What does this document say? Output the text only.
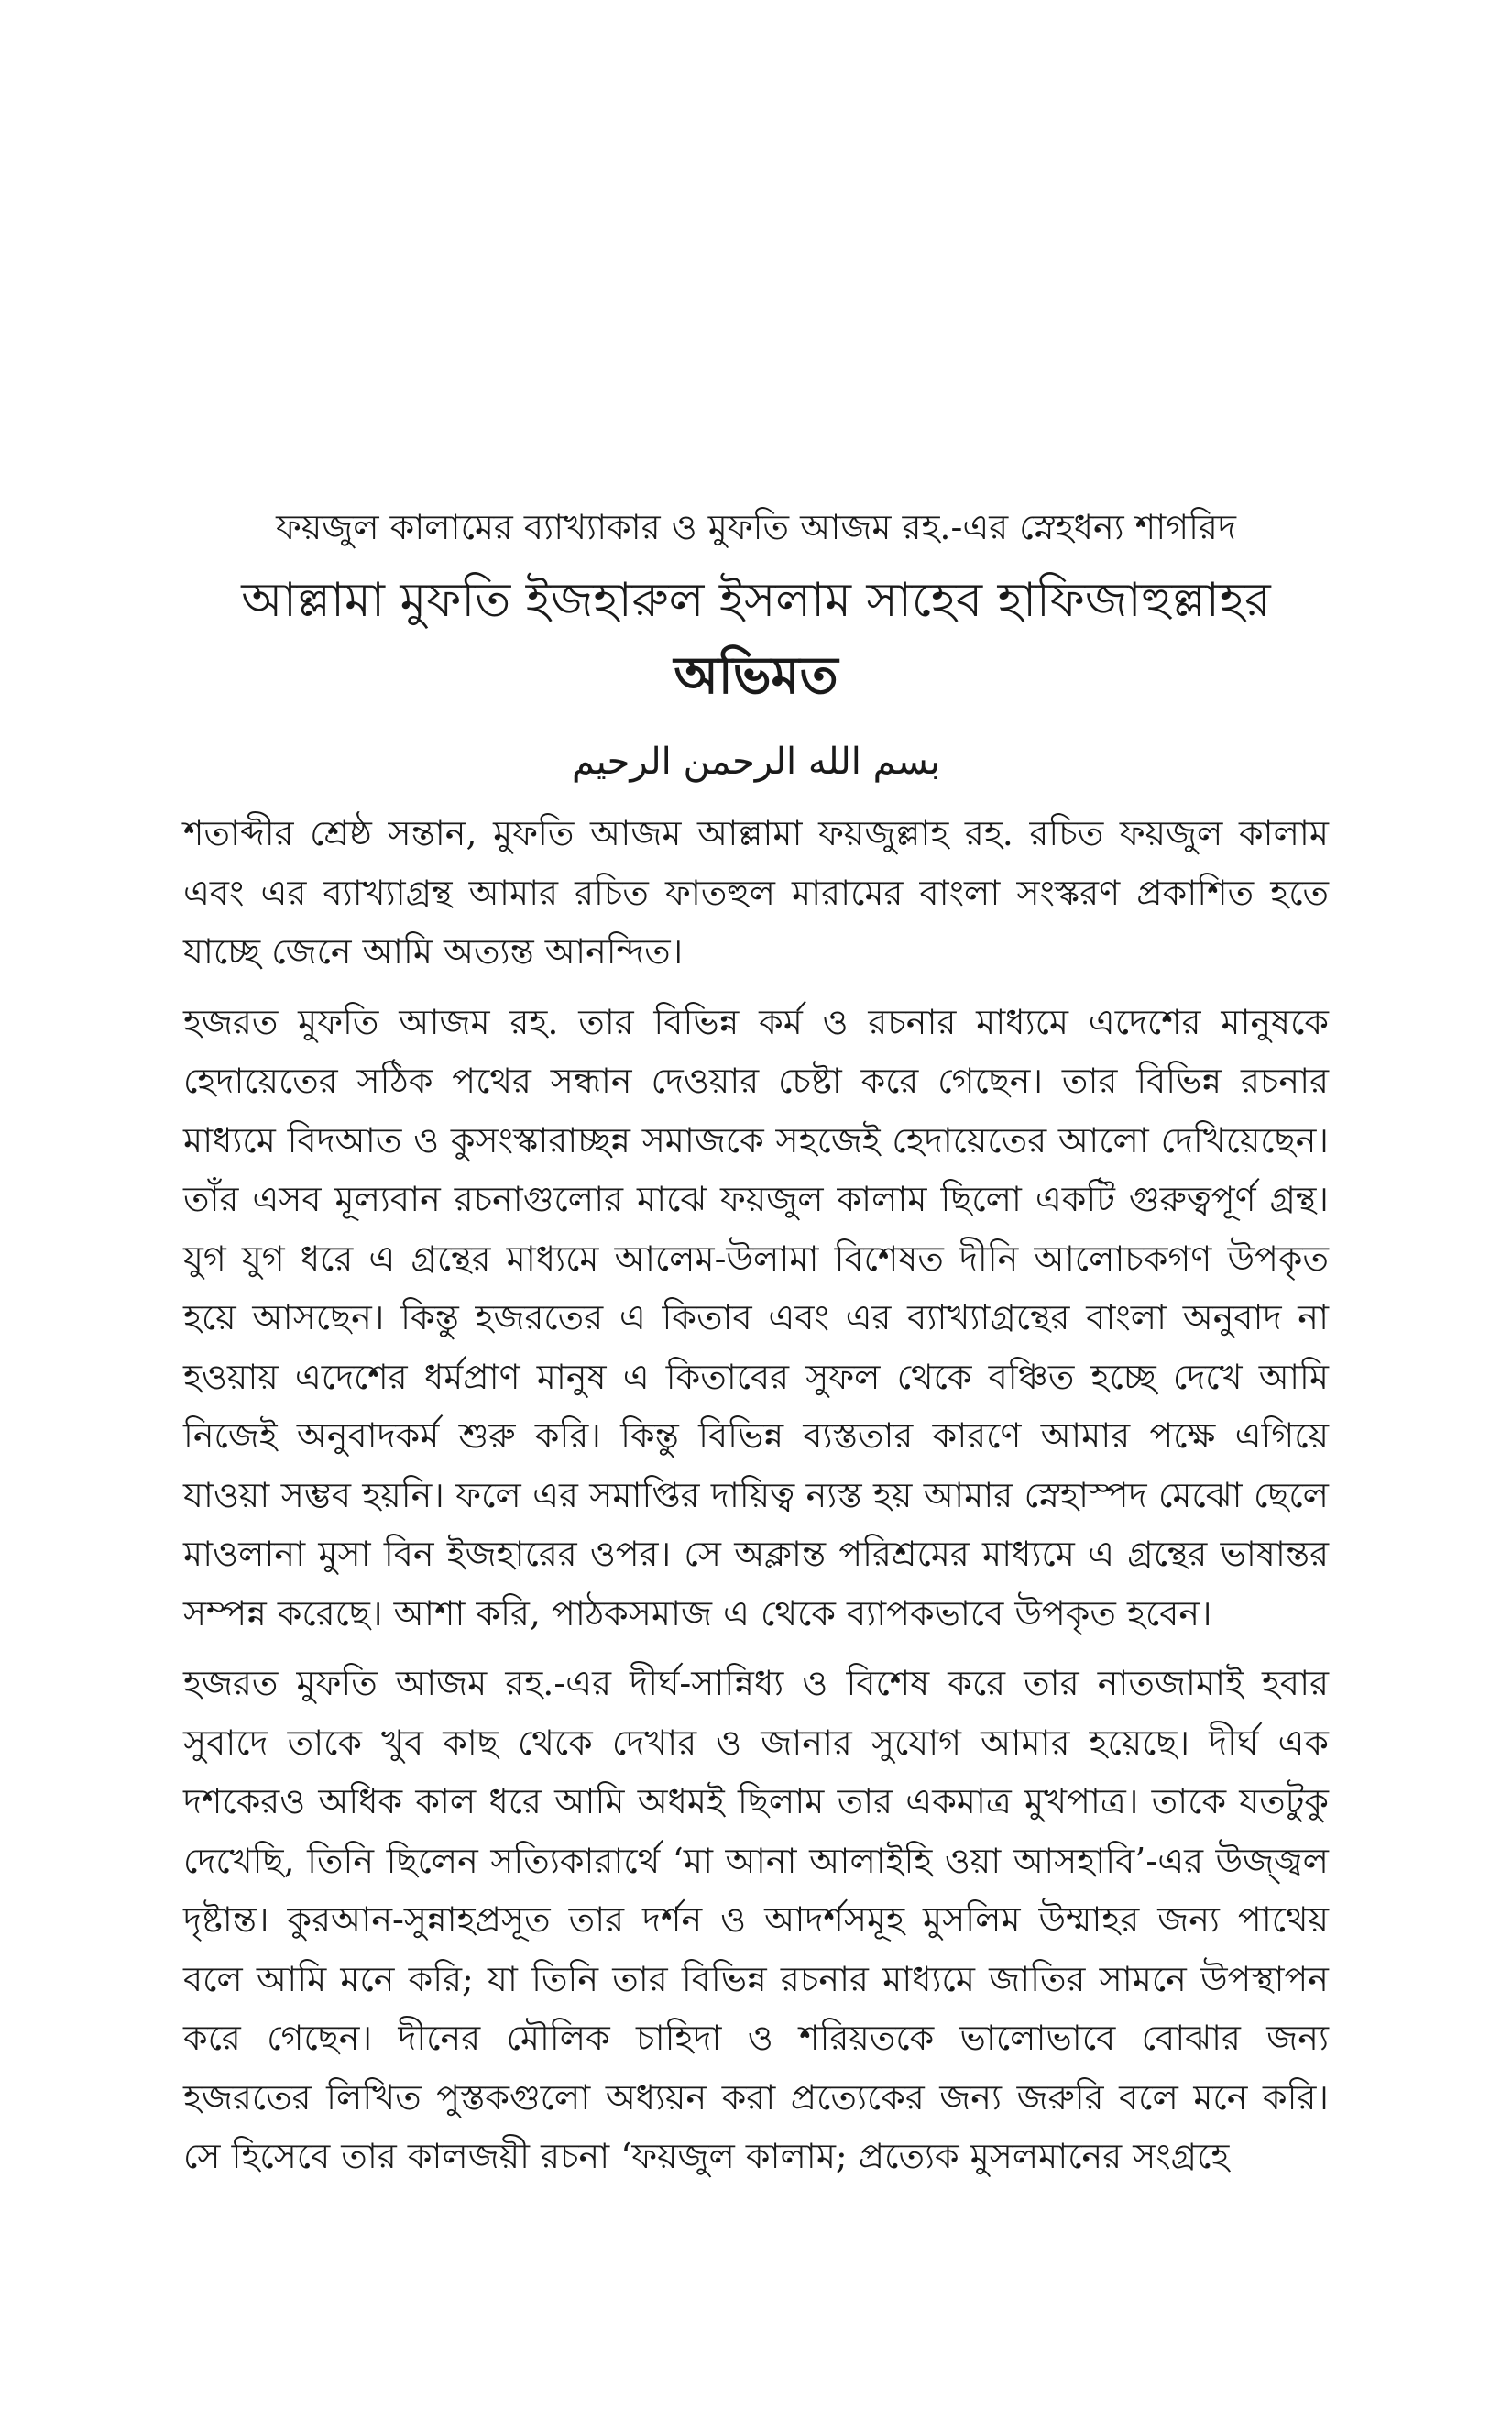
ফয়জুল কালামের ব্যাখ্যাকার ও মুফতি আজম রহ.-এর স্নেহধন্য শাগরিদ
আল্লামা মুফতি ইজহারুল ইসলাম সাহেব হাফিজাহুল্লাহর
অভিমত
بسم الله الرحمن الرحيم

শতাব্দীর শ্রেষ্ঠ সন্তান, মুফতি আজম আল্লামা ফয়জুল্লাহ রহ. রচিত ফয়জুল কালাম এবং এর ব্যাখ্যাগ্রন্থ আমার রচিত ফাতহুল মারামের বাংলা সংস্করণ প্রকাশিত হতে যাচ্ছে জেনে আমি অত্যন্ত আনন্দিত।

হজরত মুফতি আজম রহ. তার বিভিন্ন কর্ম ও রচনার মাধ্যমে এদেশের মানুষকে হেদায়েতের সঠিক পথের সন্ধান দেওয়ার চেষ্টা করে গেছেন। তার বিভিন্ন রচনার মাধ্যমে বিদআত ও কুসংস্কারাচ্ছন্ন সমাজকে সহজেই হেদায়েতের আলো দেখিয়েছেন। তাঁর এসব মূল্যবান রচনাগুলোর মাঝে ফয়জুল কালাম ছিলো একটি গুরুত্বপূর্ণ গ্রন্থ। যুগ যুগ ধরে এ গ্রন্থের মাধ্যমে আলেম-উলামা বিশেষত দীনি আলোচকগণ উপকৃত হয়ে আসছেন। কিন্তু হজরতের এ কিতাব এবং এর ব্যাখ্যাগ্রন্থের বাংলা অনুবাদ না হওয়ায় এদেশের ধর্মপ্রাণ মানুষ এ কিতাবের সুফল থেকে বঞ্চিত হচ্ছে দেখে আমি নিজেই অনুবাদকর্ম শুরু করি। কিন্তু বিভিন্ন ব্যস্ততার কারণে আমার পক্ষে এগিয়ে যাওয়া সম্ভব হয়নি। ফলে এর সমাপ্তির দায়িত্ব ন্যস্ত হয় আমার স্নেহাস্পদ মেঝো ছেলে মাওলানা মুসা বিন ইজহারের ওপর। সে অক্লান্ত পরিশ্রমের মাধ্যমে এ গ্রন্থের ভাষান্তর সম্পন্ন করেছে। আশা করি, পাঠকসমাজ এ থেকে ব্যাপকভাবে উপকৃত হবেন।

হজরত মুফতি আজম রহ.-এর দীর্ঘ-সান্নিধ্য ও বিশেষ করে তার নাতজামাই হবার সুবাদে তাকে খুব কাছ থেকে দেখার ও জানার সুযোগ আমার হয়েছে। দীর্ঘ এক দশকেরও অধিক কাল ধরে আমি অধমই ছিলাম তার একমাত্র মুখপাত্র। তাকে যতটুকু দেখেছি, তিনি ছিলেন সত্যিকারার্থে ‘মা আনা আলাইহি ওয়া আসহাবি’-এর উজ্জ্বল দৃষ্টান্ত। কুরআন-সুন্নাহপ্রসূত তার দর্শন ও আদর্শসমূহ মুসলিম উম্মাহর জন্য পাথেয় বলে আমি মনে করি; যা তিনি তার বিভিন্ন রচনার মাধ্যমে জাতির সামনে উপস্থাপন করে গেছেন। দীনের মৌলিক চাহিদা ও শরিয়তকে ভালোভাবে বোঝার জন্য হজরতের লিখিত পুস্তকগুলো অধ্যয়ন করা প্রত্যেকের জন্য জরুরি বলে মনে করি। সে হিসেবে তার কালজয়ী রচনা ‘ফয়জুল কালাম; প্রত্যেক মুসলমানের সংগ্রহে
